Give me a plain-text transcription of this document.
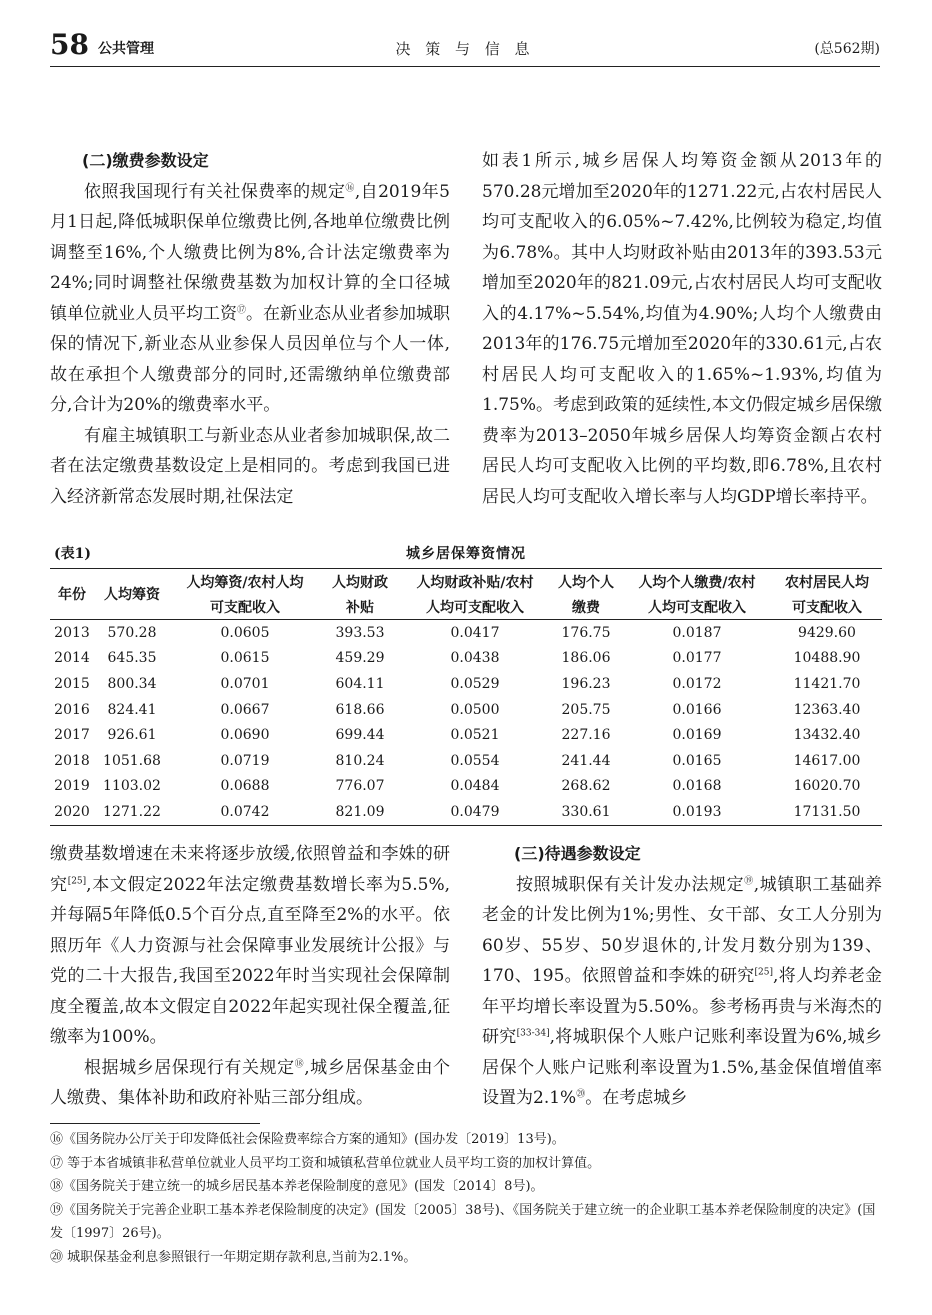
58 公共管理	决 策 与 信 息	(总562期)

(二)缴费参数设定

依照我国现行有关社保费率的规定⑯,自2019年5月1日起,降低城职保单位缴费比例,各地单位缴费比例调整至16%,个人缴费比例为8%,合计法定缴费率为24%;同时调整社保缴费基数为加权计算的全口径城镇单位就业人员平均工资⑰。在新业态从业者参加城职保的情况下,新业态从业参保人员因单位与个人一体,故在承担个人缴费部分的同时,还需缴纳单位缴费部分,合计为20%的缴费率水平。

有雇主城镇职工与新业态从业者参加城职保,故二者在法定缴费基数设定上是相同的。考虑到我国已进入经济新常态发展时期,社保法定

如表1所示,城乡居保人均筹资金额从2013年的570.28元增加至2020年的1271.22元,占农村居民人均可支配收入的6.05%~7.42%,比例较为稳定,均值为6.78%。其中人均财政补贴由2013年的393.53元增加至2020年的821.09元,占农村居民人均可支配收入的4.17%~5.54%,均值为4.90%;人均个人缴费由2013年的176.75元增加至2020年的330.61元,占农村居民人均可支配收入的1.65%~1.93%,均值为1.75%。考虑到政策的延续性,本文仍假定城乡居保缴费率为2013–2050年城乡居保人均筹资金额占农村居民人均可支配收入比例的平均数,即6.78%,且农村居民人均可支配收入增长率与人均GDP增长率持平。

(表1)	城乡居保筹资情况
年份	人均筹资	人均筹资/农村人均	人均财政	人均财政补贴/农村	人均个人	人均个人缴费/农村	农村居民人均
		可支配收入	补贴	人均可支配收入	缴费	人均可支配收入	可支配收入
2013	570.28	0.0605	393.53	0.0417	176.75	0.0187	9429.60
2014	645.35	0.0615	459.29	0.0438	186.06	0.0177	10488.90
2015	800.34	0.0701	604.11	0.0529	196.23	0.0172	11421.70
2016	824.41	0.0667	618.66	0.0500	205.75	0.0166	12363.40
2017	926.61	0.0690	699.44	0.0521	227.16	0.0169	13432.40
2018	1051.68	0.0719	810.24	0.0554	241.44	0.0165	14617.00
2019	1103.02	0.0688	776.07	0.0484	268.62	0.0168	16020.70
2020	1271.22	0.0742	821.09	0.0479	330.61	0.0193	17131.50

缴费基数增速在未来将逐步放缓,依照曾益和李姝的研究[25],本文假定2022年法定缴费基数增长率为5.5%,并每隔5年降低0.5个百分点,直至降至2%的水平。依照历年《人力资源与社会保障事业发展统计公报》与党的二十大报告,我国至2022年时当实现社会保障制度全覆盖,故本文假定自2022年起实现社保全覆盖,征缴率为100%。

根据城乡居保现行有关规定⑱,城乡居保基金由个人缴费、集体补助和政府补贴三部分组成。

(三)待遇参数设定

按照城职保有关计发办法规定⑲,城镇职工基础养老金的计发比例为1%;男性、女干部、女工人分别为60岁、55岁、50岁退休的,计发月数分别为139、170、195。依照曾益和李姝的研究[25],将人均养老金年平均增长率设置为5.50%。参考杨再贵与米海杰的研究[33-34],将城职保个人账户记账利率设置为6%,城乡居保个人账户记账利率设置为1.5%,基金保值增值率设置为2.1%⑳。在考虑城乡

⑯《国务院办公厅关于印发降低社会保险费率综合方案的通知》(国办发〔2019〕13号)。
⑰ 等于本省城镇非私营单位就业人员平均工资和城镇私营单位就业人员平均工资的加权计算值。
⑱《国务院关于建立统一的城乡居民基本养老保险制度的意见》(国发〔2014〕8号)。
⑲《国务院关于完善企业职工基本养老保险制度的决定》(国发〔2005〕38号)、《国务院关于建立统一的企业职工基本养老保险制度的决定》(国发〔1997〕26号)。
⑳ 城职保基金利息参照银行一年期定期存款利息,当前为2.1%。
